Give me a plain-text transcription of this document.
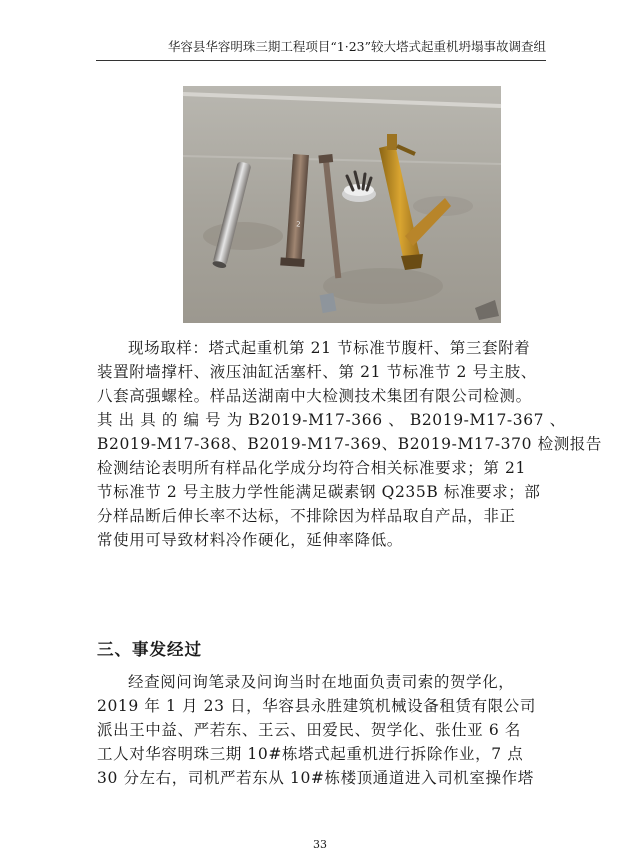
华容县华容明珠三期工程项目“1·23”较大塔式起重机坍塌事故调查组
2

现场取样：塔式起重机第 21 节标准节腹杆、第三套附着
装置附墙撑杆、液压油缸活塞杆、第 21 节标准节 2 号主肢、
八套高强螺栓。样品送湖南中大检测技术集团有限公司检测。
其 出 具 的 编 号 为 B2019-M17-366 、 B2019-M17-367 、
B2019-M17-368、B2019-M17-369、B2019-M17-370 检测报告
检测结论表明所有样品化学成分均符合相关标准要求；第 21
节标准节 2 号主肢力学性能满足碳素钢 Q235B 标准要求；部
分样品断后伸长率不达标，不排除因为样品取自产品，非正
常使用可导致材料冷作硬化，延伸率降低。

三、事发经过

经查阅问询笔录及问询当时在地面负责司索的贺学化，
2019 年 1 月 23 日，华容县永胜建筑机械设备租赁有限公司
派出王中益、严若东、王云、田爱民、贺学化、张仕亚 6 名
工人对华容明珠三期 10#栋塔式起重机进行拆除作业，7 点
30 分左右，司机严若东从 10#栋楼顶通道进入司机室操作塔

33
